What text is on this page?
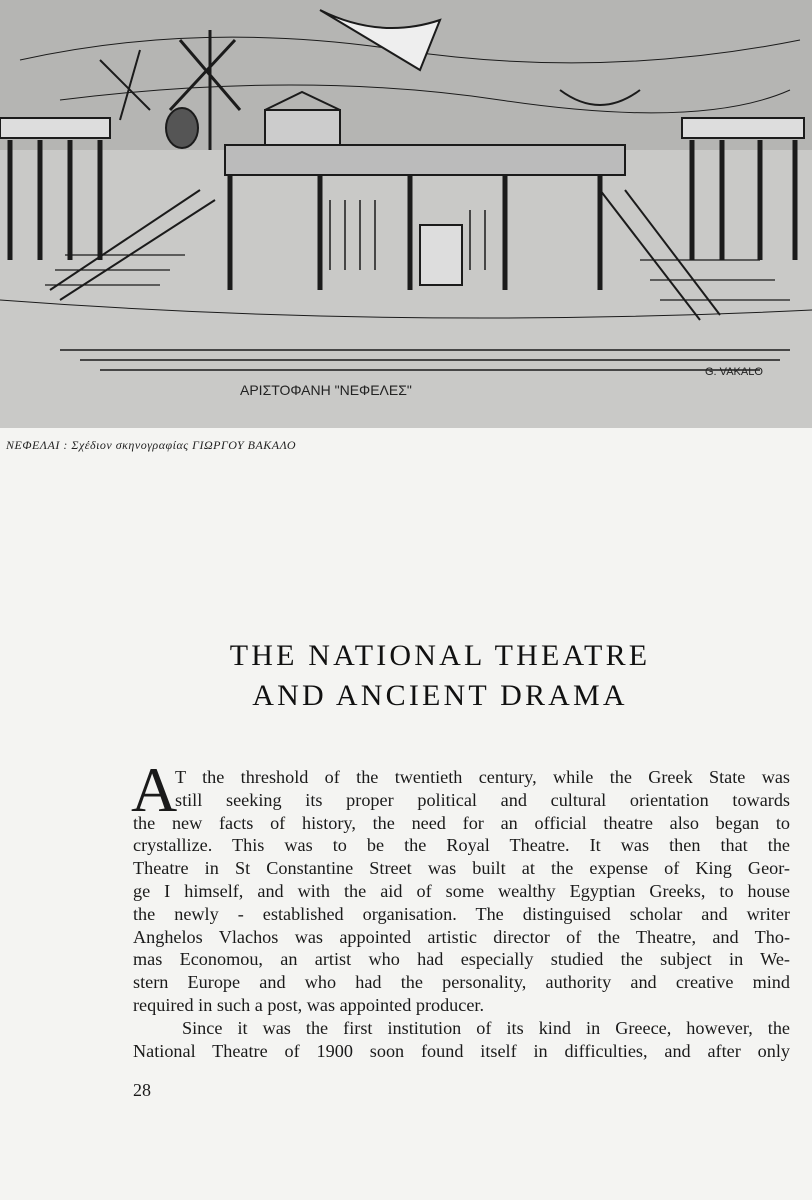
ΑΡΙΣΤΟΦΑΝΗ "ΝΕΦΕΛΕΣ"
G. VAKALO
ΝΕΦΕΛΑΙ : Σχέδιον σκηνογραφίας ΓΙΩΡΓΟΥ ΒΑΚΑΛΟ
THE NATIONAL THEATRE
AND ANCIENT DRAMA
A
T the threshold of the twentieth century, while the Greek State was
still seeking its proper political and cultural orientation towards
the new facts of history, the need for an official theatre also began to
crystallize. This was to be the Royal Theatre. It was then that the
Theatre in St Constantine Street was built at the expense of King Geor-
ge I himself, and with the aid of some wealthy Egyptian Greeks, to house
the newly - established organisation. The distinguised scholar and writer
Anghelos Vlachos was appointed artistic director of the Theatre, and Tho-
mas Economou, an artist who had especially studied the subject in We-
stern Europe and who had the personality, authority and creative mind
required in such a post, was appointed producer.
Since it was the first institution of its kind in Greece, however, the
National Theatre of 1900 soon found itself in difficulties, and after only
28
